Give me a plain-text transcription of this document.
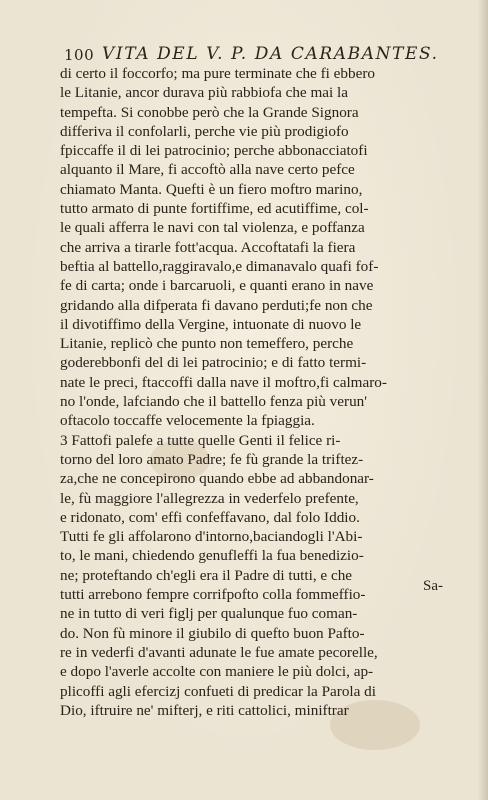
100 VITA DEL V. P. DA CARABANTES.
di certo il foccorfo; ma pure terminate che fi ebbero
le Litanie, ancor durava più rabbiofa che mai la
tempefta. Si conobbe però che la Grande Signora
differiva il confolarli, perche vie più prodigiofo
fpiccaffe il di lei patrocinio; perche abbonacciatofi
alquanto il Mare, fi accoftò alla nave certo pefce
chiamato Manta. Quefti è un fiero moftro marino,
tutto armato di punte fortiffime, ed acutiffime, col-
le quali afferra le navi con tal violenza, e poffanza
che arriva a tirarle fott'acqua. Accoftatafi la fiera
beftia al battello,raggiravalo,e dimanavalo quafi fof-
fe di carta; onde i barcaruoli, e quanti erano in nave
gridando alla difperata fi davano perduti;fe non che
il divotiffimo della Vergine, intuonate di nuovo le
Litanie, replicò che punto non temeffero, perche
goderebbonfi del di lei patrocinio; e di fatto termi-
nate le preci, ftaccoffi dalla nave il moftro,fi calmaro-
no l'onde, lafciando che il battello fenza più verun'
oftacolo toccaffe velocemente la fpiaggia.
3 Fattofi palefe a tutte quelle Genti il felice ri-
torno del loro amato Padre; fe fù grande la triftez-
za,che ne concepirono quando ebbe ad abbandonar-
le, fù maggiore l'allegrezza in vederfelo prefente,
e ridonato, com' effi confeffavano, dal folo Iddio.
Tutti fe gli affolarono d'intorno,baciandogli l'Abi-
to, le mani, chiedendo genufleffi la fua benedizio-
ne; proteftando ch'egli era il Padre di tutti, e che
tutti arrebono fempre corrifpofto colla fommeffio-
ne in tutto di veri figlj per qualunque fuo coman-
do. Non fù minore il giubilo di quefto buon Pafto-
re in vederfi d'avanti adunate le fue amate pecorelle,
e dopo l'averle accolte con maniere le più dolci, ap-
plicoffi agli efercizj confueti di predicar la Parola di
Dio, iftruire ne' mifterj, e riti cattolici, miniftrar
Sa-
